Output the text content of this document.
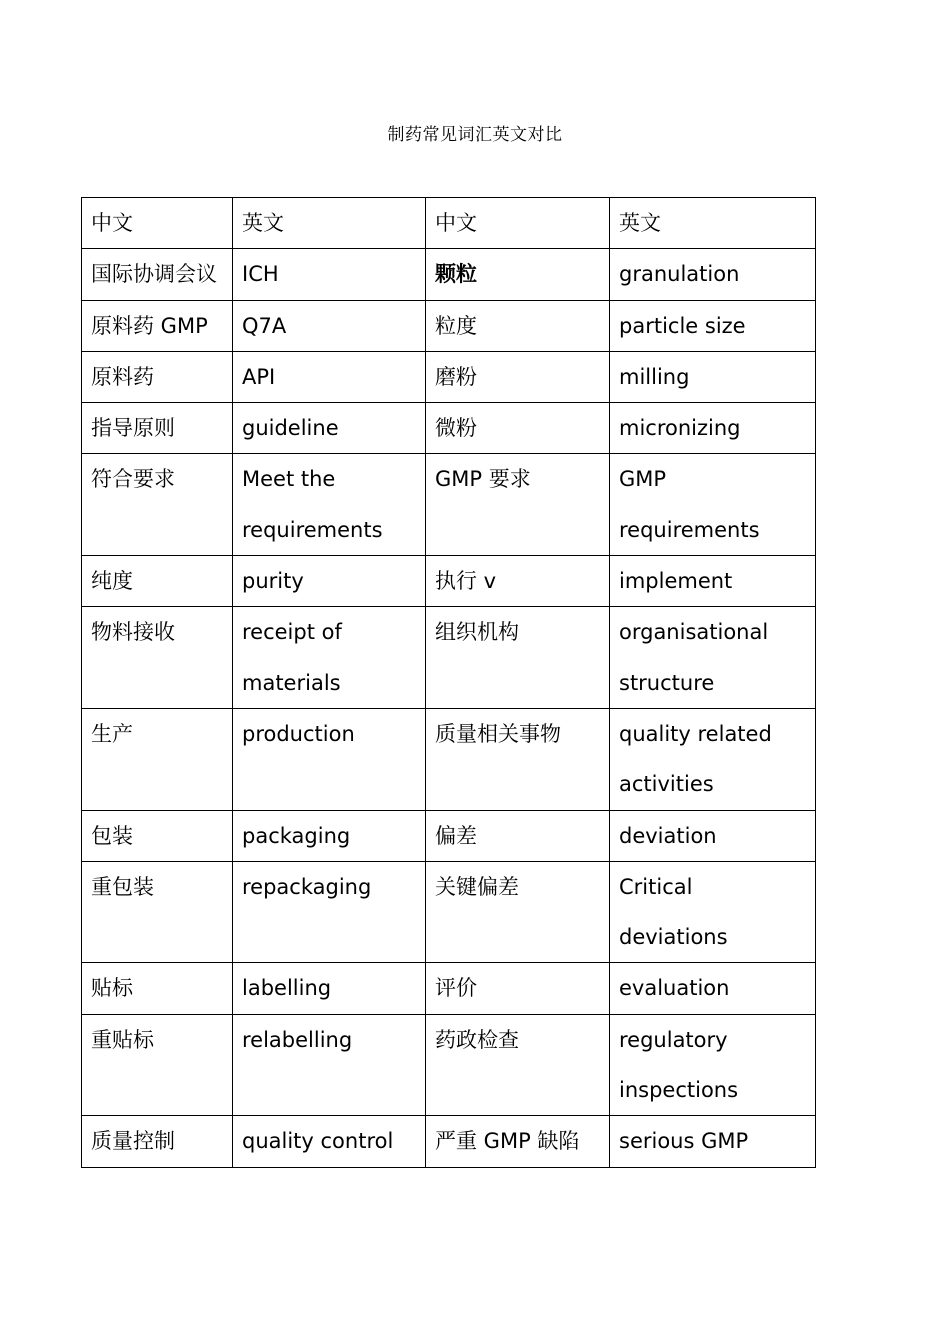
制药常见词汇英文对比
中文	英文	中文	英文
国际协调会议	ICH	颗粒	granulation
原料药 GMP	Q7A	粒度	particle size
原料药	API	磨粉	milling
指导原则	guideline	微粉	micronizing
符合要求	Meet the requirements	GMP 要求	GMP requirements
纯度	purity	执行 v	implement
物料接收	receipt of materials	组织机构	organisational structure
生产	production	质量相关事物	quality related activities
包装	packaging	偏差	deviation
重包装	repackaging	关键偏差	Critical deviations
贴标	labelling	评价	evaluation
重贴标	relabelling	药政检查	regulatory inspections
质量控制	quality control	严重 GMP 缺陷	serious GMP
